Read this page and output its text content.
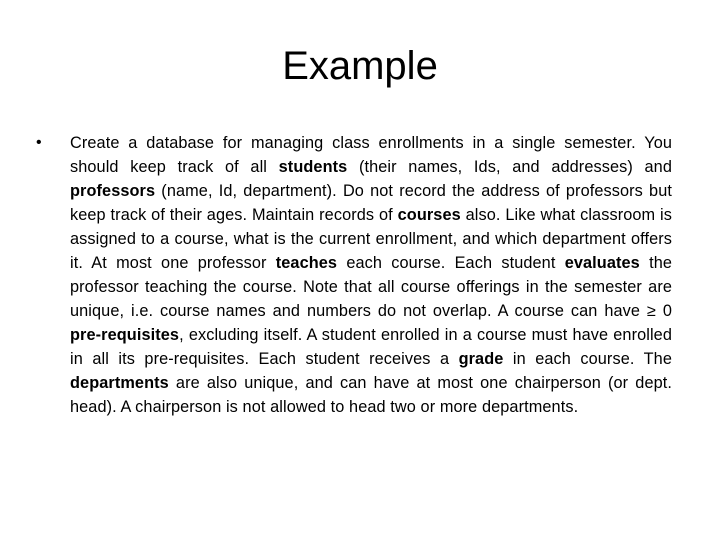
Example
•	Create a database for managing class enrollments in a single semester. You should keep track of all students (their names, Ids, and addresses) and professors (name, Id, department). Do not record the address of professors but keep track of their ages. Maintain records of courses also. Like what classroom is assigned to a course, what is the current enrollment, and which department offers it. At most one professor teaches each course. Each student evaluates the professor teaching the course. Note that all course offerings in the semester are unique, i.e. course names and numbers do not overlap. A course can have ≥ 0 pre-requisites, excluding itself. A student enrolled in a course must have enrolled in all its pre-requisites. Each student receives a grade in each course. The departments are also unique, and can have at most one chairperson (or dept. head). A chairperson is not allowed to head two or more departments.
